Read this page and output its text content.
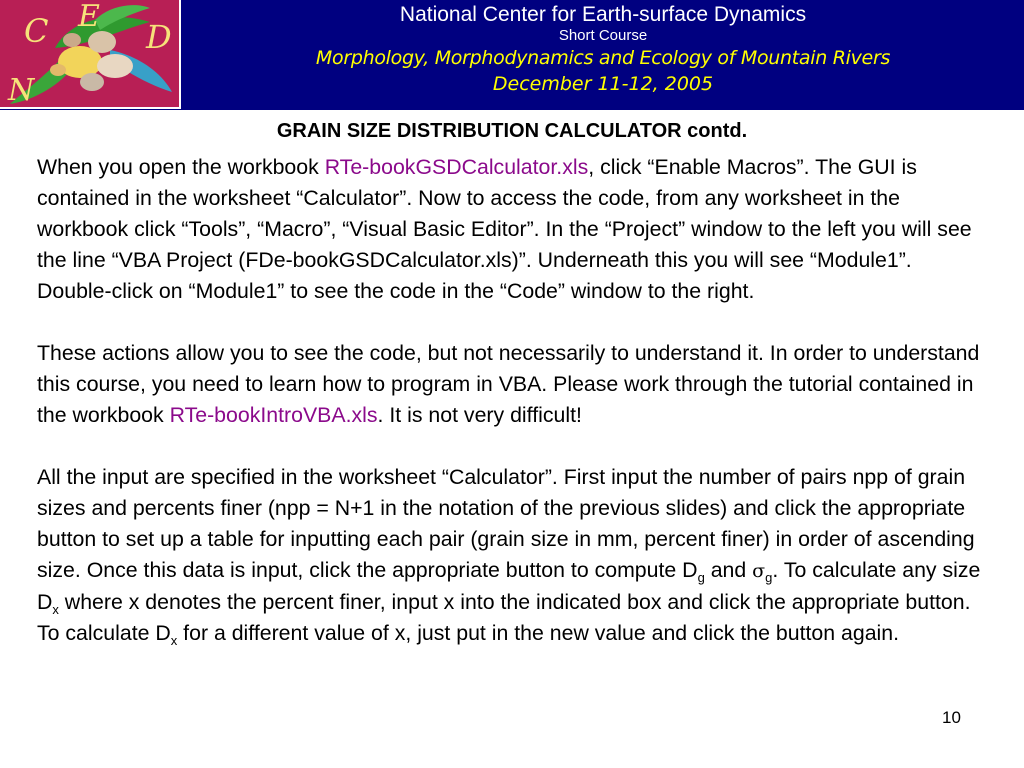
C E
D
N
National Center for Earth-surface Dynamics
Short Course
Morphology, Morphodynamics and Ecology of Mountain Rivers
December 11-12, 2005
GRAIN SIZE DISTRIBUTION CALCULATOR contd.

When you open the workbook RTe-bookGSDCalculator.xls, click “Enable Macros”. The GUI is contained in the worksheet “Calculator”. Now to access the code, from any worksheet in the workbook click “Tools”, “Macro”, “Visual Basic Editor”. In the “Project” window to the left you will see the line “VBA Project (FDe-bookGSDCalculator.xls)”. Underneath this you will see “Module1”. Double-click on “Module1” to see the code in the “Code” window to the right.

These actions allow you to see the code, but not necessarily to understand it. In order to understand this course, you need to learn how to program in VBA. Please work through the tutorial contained in the workbook RTe-bookIntroVBA.xls. It is not very difficult!

All the input are specified in the worksheet “Calculator”. First input the number of pairs npp of grain sizes and percents finer (npp = N+1 in the notation of the previous slides) and click the appropriate button to set up a table for inputting each pair (grain size in mm, percent finer) in order of ascending size. Once this data is input, click the appropriate button to compute $D_g$ and $\sigma_g$. To calculate any size $D_x$ where x denotes the percent finer, input x into the indicated box and click the appropriate button. To calculate $D_x$ for a different value of x, just put in the new value and click the button again.

10
